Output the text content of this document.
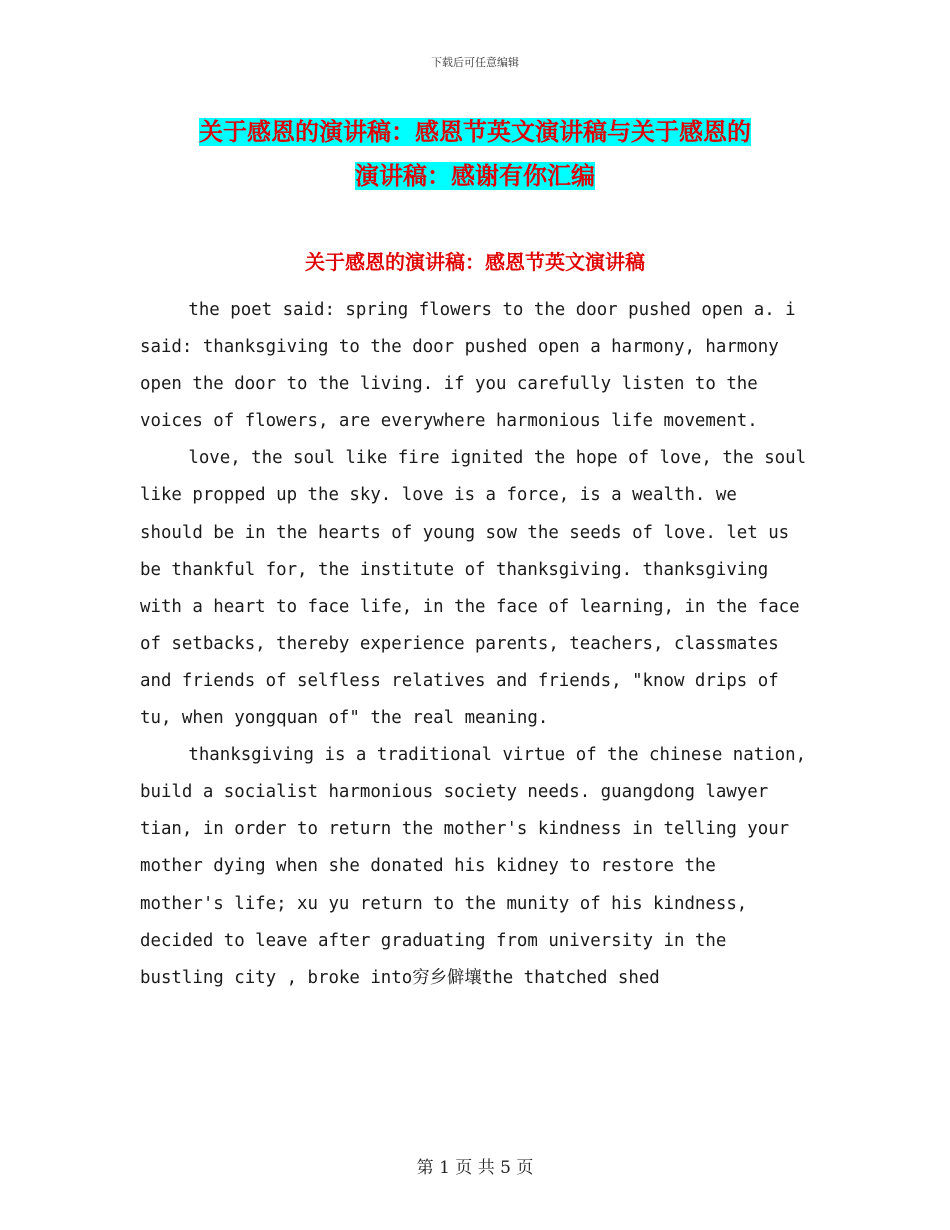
下载后可任意编辑
关于感恩的演讲稿：感恩节英文演讲稿与关于感恩的
演讲稿：感谢有你汇编
关于感恩的演讲稿：感恩节英文演讲稿

the poet said: spring flowers to the door pushed open a. i said: thanksgiving to the door pushed open a harmony, harmony open the door to the living. if you carefully listen to the voices of flowers, are everywhere harmonious life movement.

love, the soul like fire ignited the hope of love, the soul like propped up the sky. love is a force, is a wealth. we should be in the hearts of young sow the seeds of love. let us be thankful for, the institute of thanksgiving. thanksgiving with a heart to face life, in the face of learning, in the face of setbacks, thereby experience parents, teachers, classmates and friends of selfless relatives and friends, "know drips of tu, when yongquan of" the real meaning.

thanksgiving is a traditional virtue of the chinese nation, build a socialist harmonious society needs. guangdong lawyer tian, in order to return the mother's kindness in telling your mother dying when she donated his kidney to restore the mother's life; xu yu return to the munity of his kindness, decided to leave after graduating from university in the bustling city , broke into穷乡僻壤the thatched shed

第 1 页 共 5 页
